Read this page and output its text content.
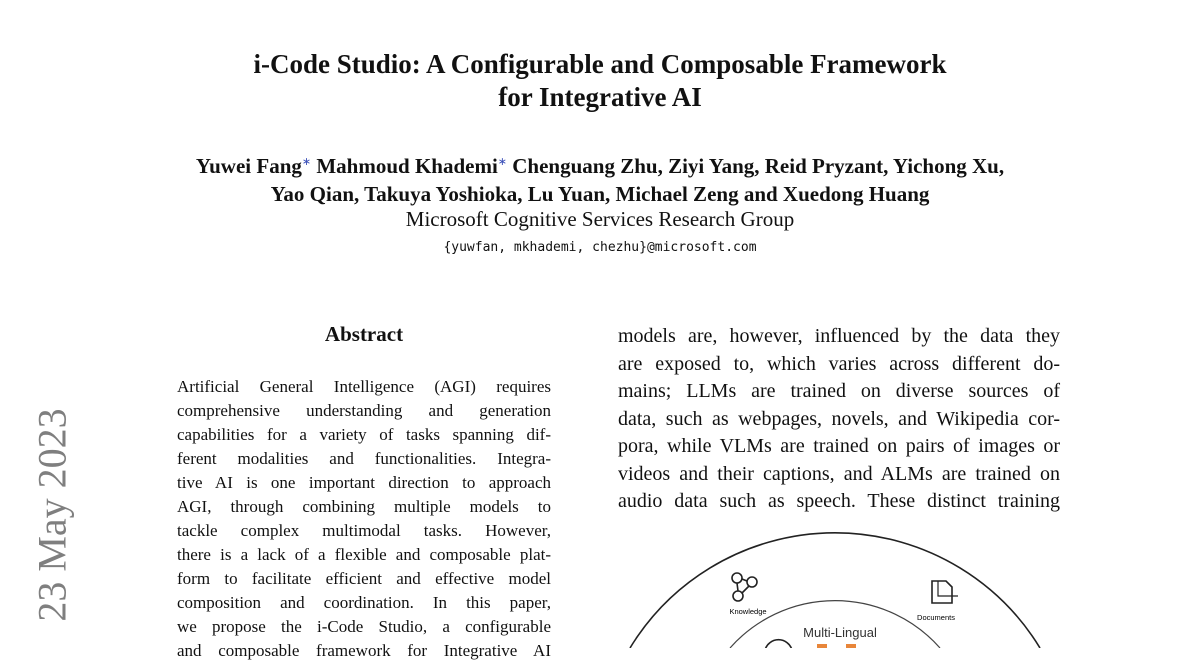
23 May 2023
i-Code Studio: A Configurable and Composable Framework
for Integrative AI
Yuwei Fang∗ Mahmoud Khademi∗ Chenguang Zhu, Ziyi Yang, Reid Pryzant, Yichong Xu,
Yao Qian, Takuya Yoshioka, Lu Yuan, Michael Zeng and Xuedong Huang
Microsoft Cognitive Services Research Group
{yuwfan, mkhademi, chezhu}@microsoft.com
Abstract
Artificial General Intelligence (AGI) requires
comprehensive understanding and generation
capabilities for a variety of tasks spanning dif-
ferent modalities and functionalities. Integra-
tive AI is one important direction to approach
AGI, through combining multiple models to
tackle complex multimodal tasks. However,
there is a lack of a flexible and composable plat-
form to facilitate efficient and effective model
composition and coordination. In this paper,
we propose the i-Code Studio, a configurable
and composable framework for Integrative AI
models are, however, influenced by the data they
are exposed to, which varies across different do-
mains; LLMs are trained on diverse sources of
data, such as webpages, novels, and Wikipedia cor-
pora, while VLMs are trained on pairs of images or
videos and their captions, and ALMs are trained on
audio data such as speech. These distinct training
Knowledge
Documents
Multi-Lingual
